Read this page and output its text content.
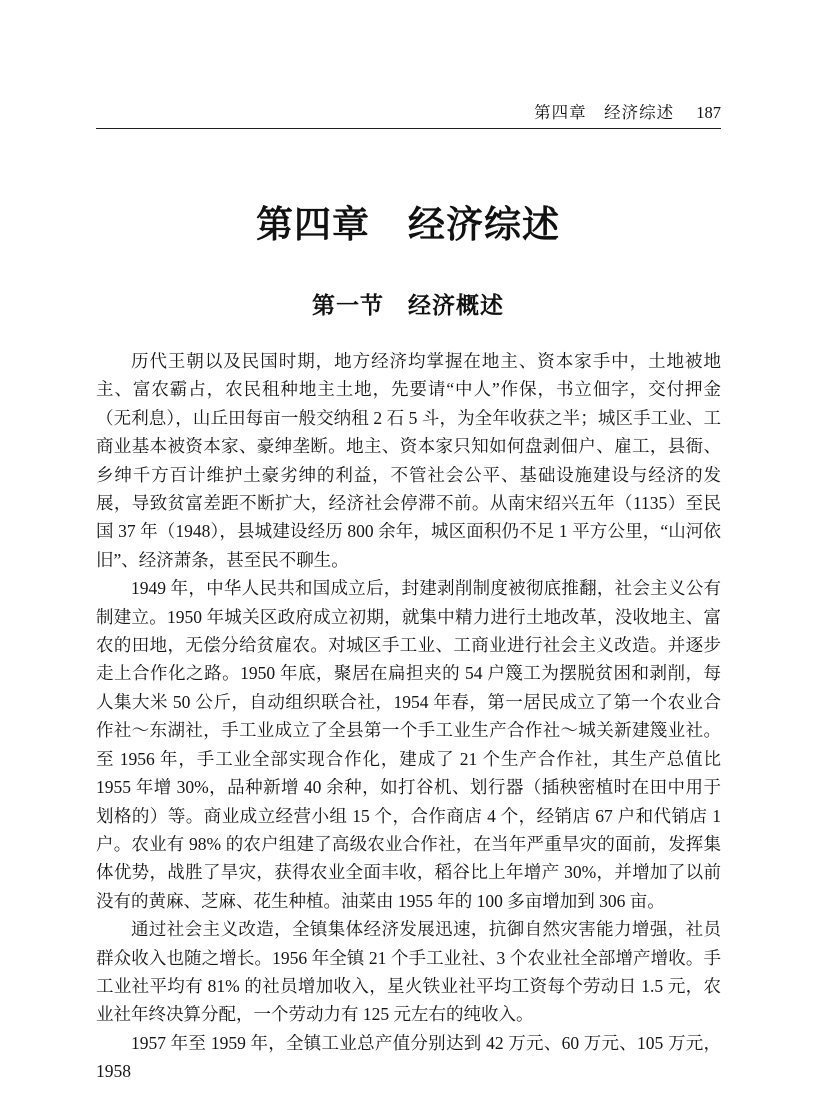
第四章　经济综述 187
第四章　经济综述
第一节　经济概述

历代王朝以及民国时期，地方经济均掌握在地主、资本家手中，土地被地主、富农霸占，农民租种地主土地，先要请“中人”作保，书立佃字，交付押金（无利息），山丘田每亩一般交纳租 2 石 5 斗，为全年收获之半；城区手工业、工商业基本被资本家、豪绅垄断。地主、资本家只知如何盘剥佃户、雇工，县衙、乡绅千方百计维护土豪劣绅的利益，不管社会公平、基础设施建设与经济的发展，导致贫富差距不断扩大，经济社会停滞不前。从南宋绍兴五年（1135）至民国 37 年（1948），县城建设经历 800 余年，城区面积仍不足 1 平方公里，“山河依旧”、经济萧条，甚至民不聊生。

1949 年，中华人民共和国成立后，封建剥削制度被彻底推翻，社会主义公有制建立。1950 年城关区政府成立初期，就集中精力进行土地改革，没收地主、富农的田地，无偿分给贫雇农。对城区手工业、工商业进行社会主义改造。并逐步走上合作化之路。1950 年底，聚居在扁担夹的 54 户篾工为摆脱贫困和剥削，每人集大米 50 公斤，自动组织联合社，1954 年春，第一居民成立了第一个农业合作社～东湖社，手工业成立了全县第一个手工业生产合作社～城关新建篾业社。至 1956 年，手工业全部实现合作化，建成了 21 个生产合作社，其生产总值比 1955 年增 30%，品种新增 40 余种，如打谷机、划行器（插秧密植时在田中用于划格的）等。商业成立经营小组 15 个，合作商店 4 个，经销店 67 户和代销店 1 户。农业有 98% 的农户组建了高级农业合作社，在当年严重旱灾的面前，发挥集体优势，战胜了旱灾，获得农业全面丰收，稻谷比上年增产 30%，并增加了以前没有的黄麻、芝麻、花生种植。油菜由 1955 年的 100 多亩增加到 306 亩。

通过社会主义改造，全镇集体经济发展迅速，抗御自然灾害能力增强，社员群众收入也随之增长。1956 年全镇 21 个手工业社、3 个农业社全部增产增收。手工业社平均有 81% 的社员增加收入，星火铁业社平均工资每个劳动日 1.5 元，农业社年终决算分配，一个劳动力有 125 元左右的纯收入。

1957 年至 1959 年，全镇工业总产值分别达到 42 万元、60 万元、105 万元，1958
